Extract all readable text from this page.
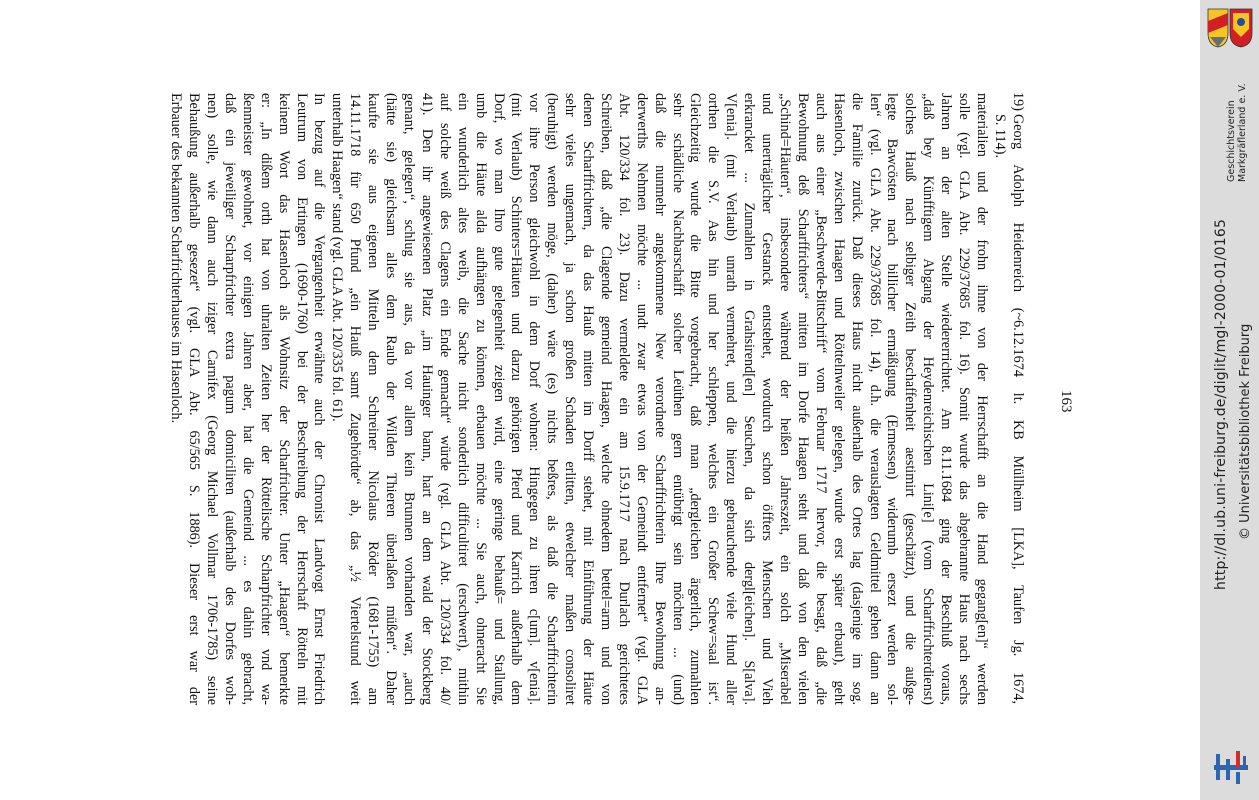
materialien und der frohn ihme von der Herrschafft an die Hand gegang[en]“ werden
solle (vgl. GLA Abt. 229/37685 fol. 16). Somit wurde das abgebrannte Haus nach sechs
Jahren an der alten Stelle wiedererrichtet. Am 8.11.1684 ging der Beschluß voraus,
„daß bey Künfftigem Abgang der Heydenreichischen Lini[e] (vom Scharffrichterdienst)
solches Hauß nach selbiger Zeith beschaffenheit aestimirt (geschätzt), und die außge-
legte Bawcösten nach billicher ermäßigung (Ermessen) widerumb ersezt werden sol-
len“ (vgl. GLA Abt. 229/37685 fol. 14), d.h. die verauslagten Geldmittel gehen dann an
die Familie zurück. Daß dieses Haus nicht außerhalb des Ortes lag (dasjenige im sog.
Hasenloch, zwischen Haagen und Röttelnweiler gelegen, wurde erst später erbaut), geht
auch aus einer „Beschwerde-Bittschrift“ vom Februar 1717 hervor, die besagt, daß „die
Bewohnung deß Scharffrichters“ mitten im Dorfe Haagen steht und daß von den vielen
„Schind=Häuten“, insbesondere während der heißen Jahreszeit, ein solch „Miserabel
und unerträglicher Gestanck entstehet, wordurch schon öffters Menschen und Vieh
erkrancket ... Zumahlen in Grahsirend[en] Seuchen, da sich dergl[eichen]. S[alva].
V[enia]. (mit Verlaub) unrath vermehret, und die hierzu gebrauchende viele Hund aller
orthen die S.V. Aas hin und her schleppen, welches ein Großer Schew=saal ist“.
Gleichzeitig wurde die Bitte vorgebracht, daß man „dergleichen ärgerlich, zumahlen
sehr schädliche Nachbarschafft solcher Leüthen gern entübrigt sein möchten ... (und)
daß die nunmehr angekommene New verordnete Scharffrichterin Ihre Bewohnung an-
derwerths Nehmen möchte ... undt zwar etwas von der Gemeindt entfernet“ (vgl. GLA
Abt. 120/334 fol. 23). Dazu vermeldete ein am 15.9.1717 nach Durlach gerichtetes
Schreiben, daß „die Clagende gemeind Haagen, welche ohnedem bettel=arm und von
denen Scharffrichtern, da das Hauß mitten im Dorff stehet, mit Einführung der Häute
sehr vieles ungemach, ja schon großen Schaden erlitten, etwelcher maßen consoliret
(beruhigt) werden möge, (daher) wäre (es) nichts beßres, als daß die Scharffrichterin
vor ihre Person gleichwohl in dem Dorf wohnen: Hingegen zu ihren c[um]. v[enia].
(mit Verlaub) Schinters=Häuten und darzu gehörigen Pferd und Karrich außerhalb dem
Dorf, wo man Ihro gute gelegenheit zeigen wird, eine geringe behauß= und Stallung,
umb die Häute alda aufhängen zu können, erbauen möchte ... Sie auch, ohneracht Sie
ein wunderlich altes weib, die Sache nicht sonderlich difficultiret (erschwert), mithin
auf solche weiß des Clagens ein Ende gemacht“ würde (vgl. GLA Abt. 120/334 fol. 40/
41). Den ihr angewiesenen Platz „im Hauinger bann, hart an dem wald der Stockberg
genant, gelegen“, schlug sie aus, da vor allem kein Brunnen vorhanden war, „auch
(hätte sie) gleichsam alles dem Raub der Wilden Thieren überlaßen müßen“. Daher
kaufte sie aus eigenen Mitteln dem Schreiner Nicolaus Röder (1681-1755) am
14.11.1718 für 650 Pfund „ein Hauß samt Zugehördte“ ab, das „½ Viertelstund weit
unterhalb Haagen“ stand (vgl. GLA Abt. 120/335 fol. 61).
In bezug auf die Vergangenheit erwähnte auch der Chronist Landvogt Ernst Friedrich
Leutrum von Ertingen (1690-1760) bei der Beschreibung der Herrschaft Rötteln mit
keinem Wort das Hasenloch als Wohnsitz der Scharfrichter. Unter „Haagen“ bemerkte
er: „In dißem orth hat von uhralten Zeiten her der Röttelische Scharpfrichter vnd wa-
ßenmeister gewohnet, vor einigen Jahren aber, hat die Gemeind ... es dahin gebracht,
daß ein jeweiliger Scharpfrichter extra pagum domiciliren (außerhalb des Dorfes woh-
nen) solle, wie dann auch iziger Carnifex (Georg Michael Vollmar 1706-1785) seine
Behaußung außerhalb gesezet“ (vgl. GLA Abt. 65/565 S. 1886). Dieser erst war der
Erbauer des bekannten Scharfrichterhauses im Hasenloch.	19)
Georg Adolph Heidenreich (~6.12.1674 lt. KB Müllheim [LKA], Taufen Jg. 1674,
S. 114).
163
Geschichtsverein Markgräflerland e. V.
http://dl.ub.uni-freiburg.de/diglit/mgl-2000-01/0165 © Universitätsbibliothek Freiburg
